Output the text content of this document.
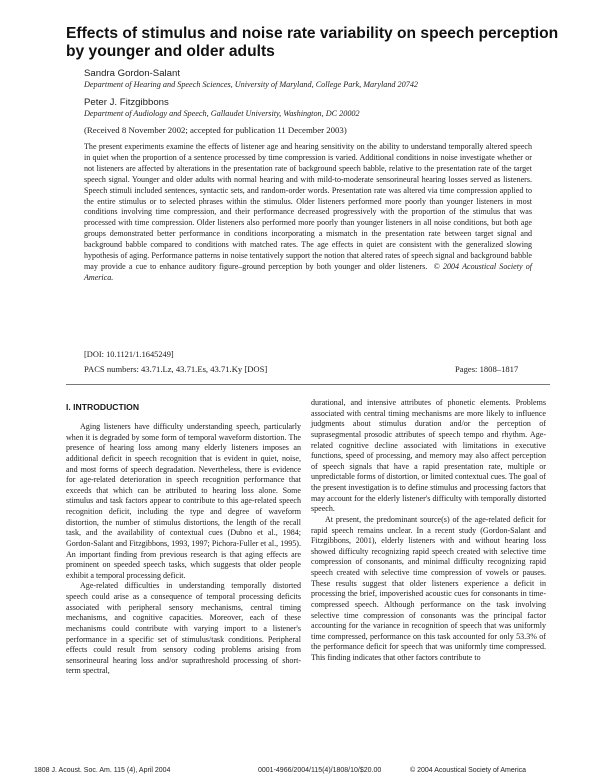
Effects of stimulus and noise rate variability on speech perception by younger and older adults
Sandra Gordon-Salant
Department of Hearing and Speech Sciences, University of Maryland, College Park, Maryland 20742
Peter J. Fitzgibbons
Department of Audiology and Speech, Gallaudet University, Washington, DC 20002
(Received 8 November 2002; accepted for publication 11 December 2003)
The present experiments examine the effects of listener age and hearing sensitivity on the ability to understand temporally altered speech in quiet when the proportion of a sentence processed by time compression is varied. Additional conditions in noise investigate whether or not listeners are affected by alterations in the presentation rate of background speech babble, relative to the presentation rate of the target speech signal. Younger and older adults with normal hearing and with mild-to-moderate sensorineural hearing losses served as listeners. Speech stimuli included sentences, syntactic sets, and random-order words. Presentation rate was altered via time compression applied to the entire stimulus or to selected phrases within the stimulus. Older listeners performed more poorly than younger listeners in most conditions involving time compression, and their performance decreased progressively with the proportion of the stimulus that was processed with time compression. Older listeners also performed more poorly than younger listeners in all noise conditions, but both age groups demonstrated better performance in conditions incorporating a mismatch in the presentation rate between target signal and background babble compared to conditions with matched rates. The age effects in quiet are consistent with the generalized slowing hypothesis of aging. Performance patterns in noise tentatively support the notion that altered rates of speech signal and background babble may provide a cue to enhance auditory figure–ground perception by both younger and older listeners. © 2004 Acoustical Society of America.
[DOI: 10.1121/1.1645249]
PACS numbers: 43.71.Lz, 43.71.Es, 43.71.Ky [DOS]	Pages: 1808–1817

I. INTRODUCTION

Aging listeners have difficulty understanding speech, particularly when it is degraded by some form of temporal waveform distortion. The presence of hearing loss among many elderly listeners imposes an additional deficit in speech recognition that is evident in quiet, noise, and most forms of speech degradation. Nevertheless, there is evidence for age-related deterioration in speech recognition performance that exceeds that which can be attributed to hearing loss alone. Some stimulus and task factors appear to contribute to this age-related speech recognition deficit, including the type and degree of waveform distortion, the number of stimulus distortions, the length of the recall task, and the availability of contextual cues (Dubno et al., 1984; Gordon-Salant and Fitzgibbons, 1993, 1997; Pichora-Fuller et al., 1995). An important finding from previous research is that aging effects are prominent on speeded speech tasks, which suggests that older people exhibit a temporal processing deficit.

Age-related difficulties in understanding temporally distorted speech could arise as a consequence of temporal processing deficits associated with peripheral sensory mechanisms, central timing mechanisms, and cognitive capacities. Moreover, each of these mechanisms could contribute with varying import to a listener's performance in a specific set of stimulus/task conditions. Peripheral effects could result from sensory coding problems arising from sensorineural hearing loss and/or suprathreshold processing of short-term spectral,

durational, and intensive attributes of phonetic elements. Problems associated with central timing mechanisms are more likely to influence judgments about stimulus duration and/or the perception of suprasegmental prosodic attributes of speech tempo and rhythm. Age-related cognitive decline associated with limitations in executive functions, speed of processing, and memory may also affect perception of speech signals that have a rapid presentation rate, multiple or unpredictable forms of distortion, or limited contextual cues. The goal of the present investigation is to define stimulus and processing factors that may account for the elderly listener's difficulty with temporally distorted speech.

At present, the predominant source(s) of the age-related deficit for rapid speech remains unclear. In a recent study (Gordon-Salant and Fitzgibbons, 2001), elderly listeners with and without hearing loss showed difficulty recognizing rapid speech created with selective time compression of consonants, and minimal difficulty recognizing rapid speech created with selective time compression of vowels or pauses. These results suggest that older listeners experience a deficit in processing the brief, impoverished acoustic cues for consonants in time-compressed speech. Although performance on the task involving selective time compression of consonants was the principal factor accounting for the variance in recognition of speech that was uniformly time compressed, performance on this task accounted for only 53.3% of the performance deficit for speech that was uniformly time compressed. This finding indicates that other factors contribute to

1808 J. Acoust. Soc. Am. 115 (4), April 2004	0001-4966/2004/115(4)/1808/10/$20.00	© 2004 Acoustical Society of America
